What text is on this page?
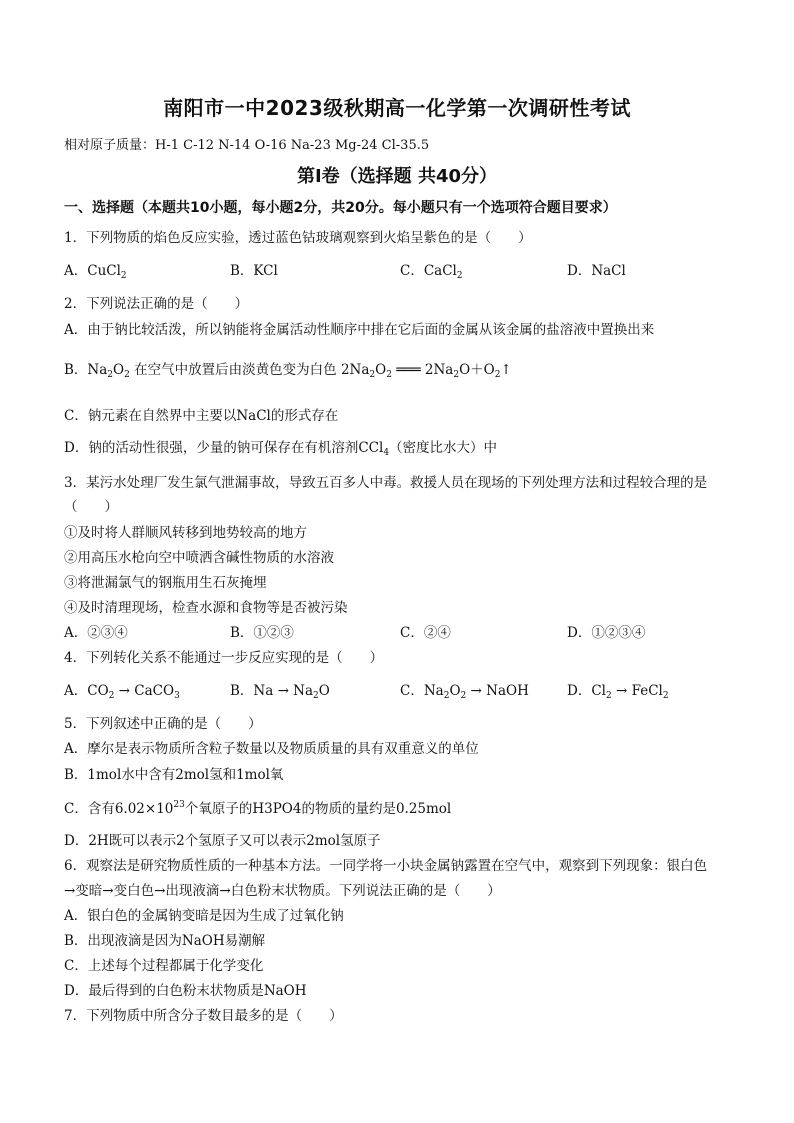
南阳市一中2023级秋期高一化学第一次调研性考试
相对原子质量：H-1 C-12 N-14 O-16 Na-23 Mg-24 Cl-35.5
第Ⅰ卷（选择题 共40分）
一、选择题（本题共10小题，每小题2分，共20分。每小题只有一个选项符合题目要求）
1．下列物质的焰色反应实验，透过蓝色钴玻璃观察到火焰呈紫色的是（　　）
A．CuCl$_2$	B．KCl	C．CaCl$_2$	D．NaCl
2．下列说法正确的是（　　）
A．由于钠比较活泼，所以钠能将金属活动性顺序中排在它后面的金属从该金属的盐溶液中置换出来
B．$Na_2O_2$ 在空气中放置后由淡黄色变为白色 $2Na_2O_2$ ═══ $2Na_2O+O_2↑$
C．钠元素在自然界中主要以NaCl的形式存在
D．钠的活动性很强，少量的钠可保存在有机溶剂CCl$_4$（密度比水大）中
3．某污水处理厂发生氯气泄漏事故，导致五百多人中毒。救援人员在现场的下列处理方法和过程较合理的是
（　　）
①及时将人群顺风转移到地势较高的地方
②用高压水枪向空中喷洒含碱性物质的水溶液
③将泄漏氯气的钢瓶用生石灰掩埋
④及时清理现场，检查水源和食物等是否被污染
A．②③④	B．①②③	C．②④	D．①②③④
4．下列转化关系不能通过一步反应实现的是（　　）
A．$CO_2$ → CaCO$_3$	B．$Na \to Na_2O$	C．$Na_2O_2$ → NaOH	D．$Cl_2$ → FeCl$_2$
5．下列叙述中正确的是（　　）
A．摩尔是表示物质所含粒子数量以及物质质量的具有双重意义的单位
B．1mol水中含有2mol氢和1mol氧
C．含有$6.02\times 10^{23}$个氧原子的H3PO4的物质的量约是0.25mol
D．2H既可以表示2个氢原子又可以表示2mol氢原子
6．观察法是研究物质性质的一种基本方法。一同学将一小块金属钠露置在空气中，观察到下列现象：银白色
→变暗→变白色→出现液滴→白色粉末状物质。下列说法正确的是（　　）
A．银白色的金属钠变暗是因为生成了过氧化钠
B．出现液滴是因为NaOH易潮解
C．上述每个过程都属于化学变化
D．最后得到的白色粉末状物质是NaOH
7．下列物质中所含分子数目最多的是（　　）
